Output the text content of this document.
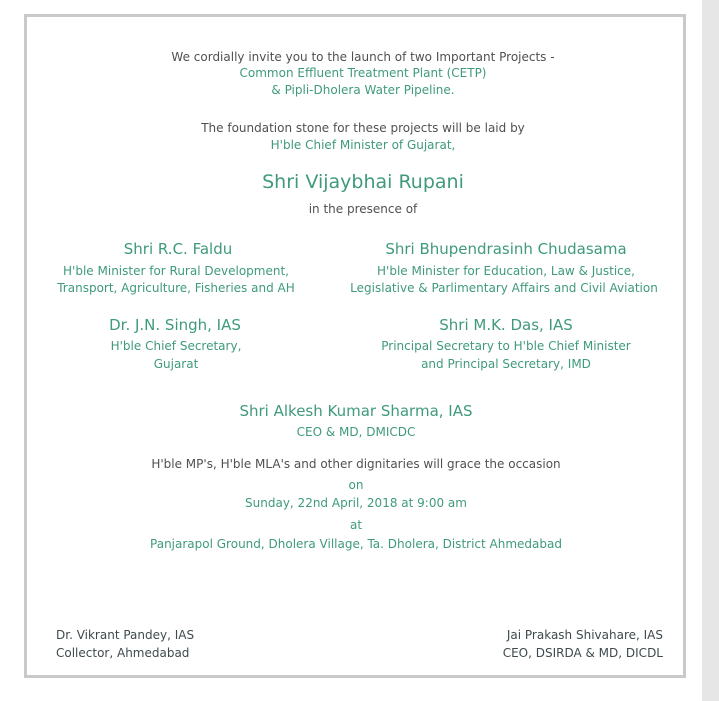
We cordially invite you to the launch of two Important Projects -
Common Effluent Treatment Plant (CETP)
& Pipli-Dholera Water Pipeline.
The foundation stone for these projects will be laid by
H'ble Chief Minister of Gujarat,
Shri Vijaybhai Rupani
in the presence of
Shri R.C. Faldu
H'ble Minister for Rural Development,
Transport, Agriculture, Fisheries and AH
Shri Bhupendrasinh Chudasama
H'ble Minister for Education, Law & Justice,
Legislative & Parlimentary Affairs and Civil Aviation
Dr. J.N. Singh, IAS
H'ble Chief Secretary,
Gujarat
Shri M.K. Das, IAS
Principal Secretary to H'ble Chief Minister
and Principal Secretary, IMD
Shri Alkesh Kumar Sharma, IAS
CEO & MD, DMICDC
H'ble MP's, H'ble MLA's and other dignitaries will grace the occasion
on
Sunday, 22nd April, 2018 at 9:00 am
at
Panjarapol Ground, Dholera Village, Ta. Dholera, District Ahmedabad
Dr. Vikrant Pandey, IAS
Collector, Ahmedabad
Jai Prakash Shivahare, IAS
CEO, DSIRDA & MD, DICDL
